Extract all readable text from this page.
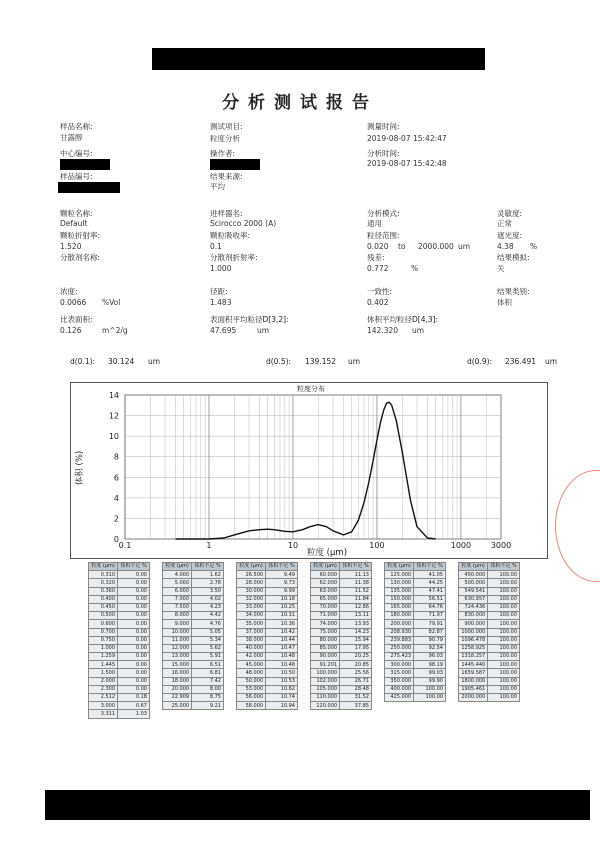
分析测试报告
样品名称:
甘露醇
中心编号:
样品编号:
测试项目:
粒度分析
操作者:
结果来源:
平均
测量时间:
2019-08-07 15:42:47
分析时间:
2019-08-07 15:42:48
颗粒名称:
Default
颗粒折射率:
1.520
分散剂名称:
进样器名:
Scirocco 2000 (A)
颗粒吸收率:
0.1
分散剂折射率:
1.000
分析模式:
通用
粒径范围:
0.020 to 2000.000 um
残差:
0.772	%
灵敏度:
正常
遮光度:
4.38 %
结果模拟:
关
浓度:
0.0066 %Vol
比表面积:
0.126	m^2/g
径距:
1.483
表面积平均粒径D[3,2]:
47.695	um
一致性:
0.402
体积平均粒径D[4,3]:
142.320 um
结果类别:
体积
d(0.1): 30.124 um	d(0.5): 139.152 um	d(0.9): 236.491 um
0
2
4
6
8
10
12
14
0.1	1	10	100	1000 3000
粒度分布
粒度 (μm)
体积 (%)
粒度 (μm)	体积不足 %
0.310	0.00
0.320	0.00
0.360	0.00
0.400	0.00
0.450	0.00
0.500	0.00
0.600	0.00
0.700	0.00
0.750	0.00
1.000	0.00
1.259	0.00
1.445	0.00
1.500	0.00
2.000	0.00
2.300	0.00
2.512	0.18
3.000	0.67
3.311	1.03
粒度 (μm)	体积不足 %
4.000	1.62
5.000	2.78
6.000	3.50
7.000	4.02
7.500	4.23
8.000	4.42
9.000	4.76
10.000	5.05
11.000	5.34
12.000	5.62
13.000	5.91
15.000	6.51
16.000	6.81
18.000	7.42
20.000	8.00
22.909	8.75
25.000	9.21
粒度 (μm)	体积不足 %
26.500	9.49
28.000	9.73
30.000	9.99
32.000	10.18
33.000	10.25
34.000	10.31
35.000	10.36
37.000	10.42
38.000	10.44
40.000	10.47
42.000	10.48
45.000	10.48
48.000	10.50
50.000	10.53
53.000	10.62
56.000	10.74
58.000	10.94
粒度 (μm)	体积不足 %
60.000	11.13
62.000	11.38
63.000	11.52
65.000	11.84
70.000	12.86
71.000	13.11
74.000	13.93
75.000	14.23
80.000	15.94
85.000	17.95
90.000	20.25
91.201	20.85
100.000	25.56
102.000	26.71
105.000	28.48
110.000	31.52
120.000	37.85
粒度 (μm)	体积不足 %
125.000	41.05
130.000	44.25
135.000	47.41
150.000	56.51
165.000	64.76
180.000	71.97
200.000	79.91
208.930	82.87
239.883	90.79
250.000	92.54
275.423	96.03
300.000	98.19
315.000	99.03
350.000	99.90
400.000	100.00
425.000	100.00
粒度 (μm)	体积不足 %
450.000	100.00
500.000	100.00
549.541	100.00
630.957	100.00
724.436	100.00
830.000	100.00
900.000	100.00
1000.000	100.00
1096.478	100.00
1258.925	100.00
1318.257	100.00
1445.440	100.00
1659.587	100.00
1800.000	100.00
1905.461	100.00
2000.000	100.00
